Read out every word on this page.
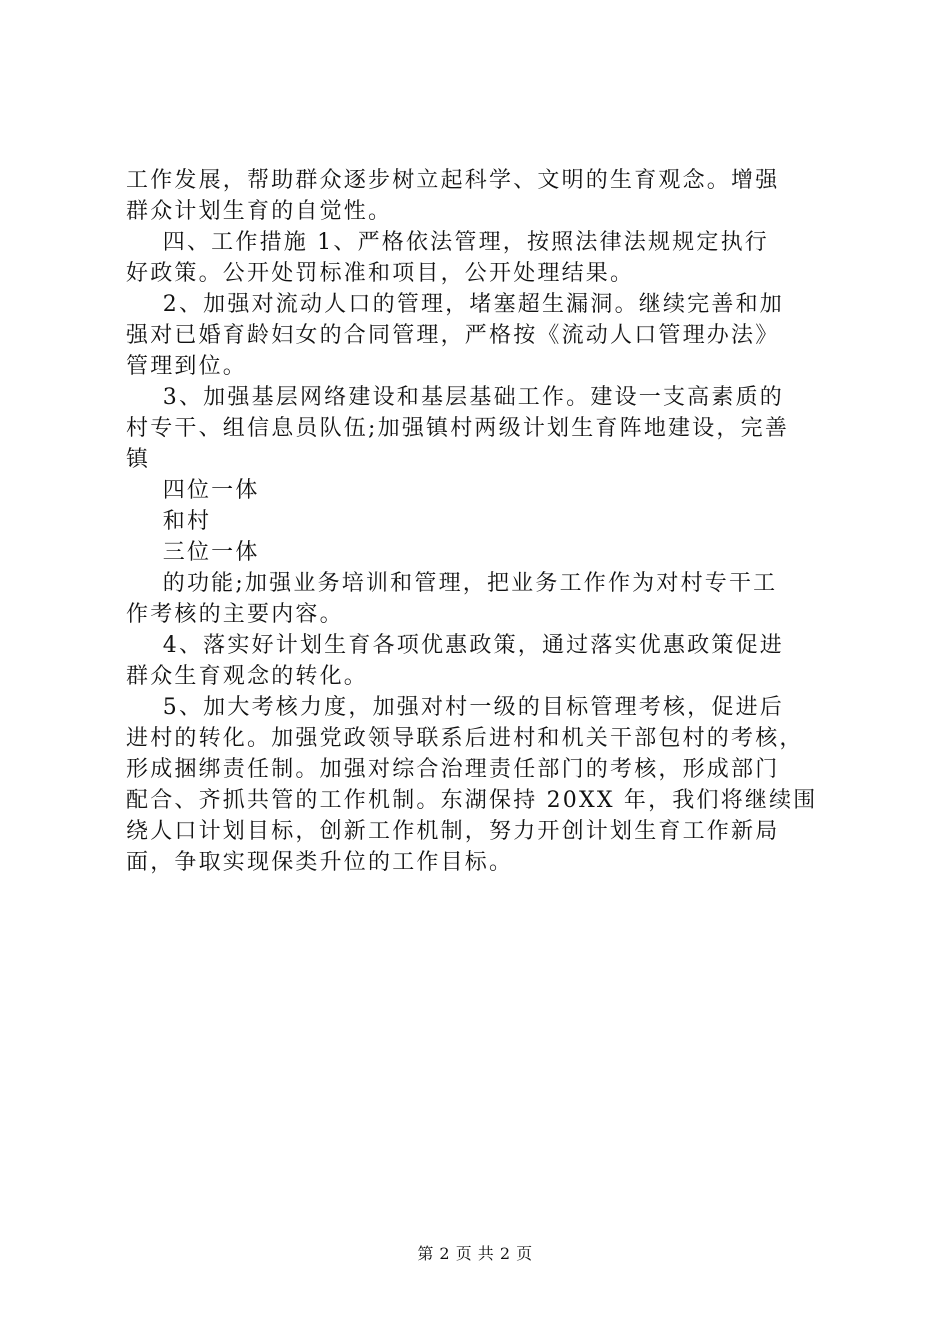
工作发展，帮助群众逐步树立起科学、文明的生育观念。增强
群众计划生育的自觉性。
四、工作措施 1、严格依法管理，按照法律法规规定执行
好政策。公开处罚标准和项目，公开处理结果。
2、加强对流动人口的管理，堵塞超生漏洞。继续完善和加
强对已婚育龄妇女的合同管理，严格按《流动人口管理办法》
管理到位。
3、加强基层网络建设和基层基础工作。建设一支高素质的
村专干、组信息员队伍;加强镇村两级计划生育阵地建设，完善
镇
四位一体
和村
三位一体
的功能;加强业务培训和管理，把业务工作作为对村专干工
作考核的主要内容。
4、落实好计划生育各项优惠政策，通过落实优惠政策促进
群众生育观念的转化。
5、加大考核力度，加强对村一级的目标管理考核，促进后
进村的转化。加强党政领导联系后进村和机关干部包村的考核，
形成捆绑责任制。加强对综合治理责任部门的考核，形成部门
配合、齐抓共管的工作机制。东湖保持 20XX 年，我们将继续围
绕人口计划目标，创新工作机制，努力开创计划生育工作新局
面，争取实现保类升位的工作目标。
第 2 页 共 2 页
